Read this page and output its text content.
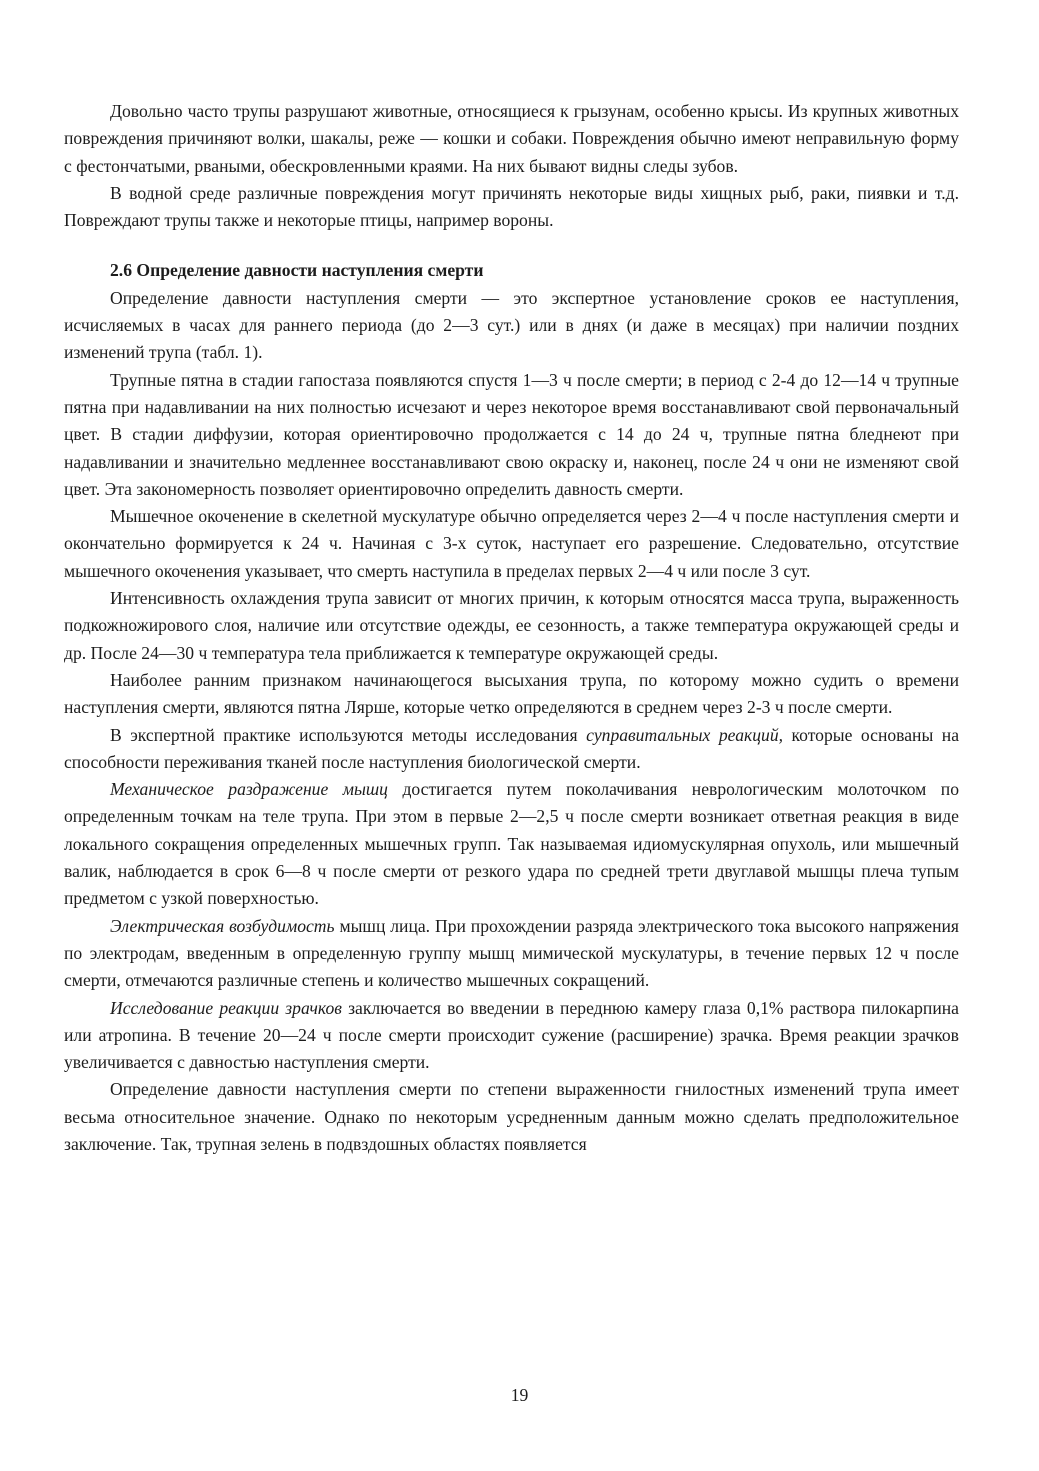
Довольно часто трупы разрушают животные, относящиеся к грызунам, особенно крысы. Из крупных животных повреждения причиняют волки, шакалы, реже — кошки и собаки. Повреждения обычно имеют неправильную форму с фестончатыми, рваными, обескровленными краями. На них бывают видны следы зубов.

В водной среде различные повреждения могут причинять некоторые виды хищных рыб, раки, пиявки и т.д. Повреждают трупы также и некоторые птицы, например вороны.

2.6 Определение давности наступления смерти

Определение давности наступления смерти — это экспертное установление сроков ее наступления, исчисляемых в часах для раннего периода (до 2—3 сут.) или в днях (и даже в месяцах) при наличии поздних изменений трупа (табл. 1).

Трупные пятна в стадии гапостаза появляются спустя 1—3 ч после смерти; в период с 2-4 до 12—14 ч трупные пятна при надавливании на них полностью исчезают и через некоторое время восстанавливают свой первоначальный цвет. В стадии диффузии, которая ориентировочно продолжается с 14 до 24 ч, трупные пятна бледнеют при надавливании и значительно медленнее восстанавливают свою окраску и, наконец, после 24 ч они не изменяют свой цвет. Эта закономерность позволяет ориентировочно определить давность смерти.

Мышечное окоченение в скелетной мускулатуре обычно определяется через 2—4 ч после наступления смерти и окончательно формируется к 24 ч. Начиная с 3-х суток, наступает его разрешение. Следовательно, отсутствие мышечного окоченения указывает, что смерть наступила в пределах первых 2—4 ч или после 3 сут.

Интенсивность охлаждения трупа зависит от многих причин, к которым относятся масса трупа, выраженность подкожножирового слоя, наличие или отсутствие одежды, ее сезонность, а также температура окружающей среды и др. После 24—30 ч температура тела приближается к температуре окружающей среды.

Наиболее ранним признаком начинающегося высыхания трупа, по которому можно судить о времени наступления смерти, являются пятна Лярше, которые четко определяются в среднем через 2-3 ч после смерти.

В экспертной практике используются методы исследования суправитальных реакций, которые основаны на способности переживания тканей после наступления биологической смерти.

Механическое раздражение мышц достигается путем поколачивания неврологическим молоточком по определенным точкам на теле трупа. При этом в первые 2—2,5 ч после смерти возникает ответная реакция в виде локального сокращения определенных мышечных групп. Так называемая идиомускулярная опухоль, или мышечный валик, наблюдается в срок 6—8 ч после смерти от резкого удара по средней трети двуглавой мышцы плеча тупым предметом с узкой поверхностью.

Электрическая возбудимость мышц лица. При прохождении разряда электрического тока высокого напряжения по электродам, введенным в определенную группу мышц мимической мускулатуры, в течение первых 12 ч после смерти, отмечаются различные степень и количество мышечных сокращений.

Исследование реакции зрачков заключается во введении в переднюю камеру глаза 0,1% раствора пилокарпина или атропина. В течение 20—24 ч после смерти происходит сужение (расширение) зрачка. Время реакции зрачков увеличивается с давностью наступления смерти.

Определение давности наступления смерти по степени выраженности гнилостных изменений трупа имеет весьма относительное значение. Однако по некоторым усредненным данным можно сделать предположительное заключение. Так, трупная зелень в подвздошных областях появляется

19
